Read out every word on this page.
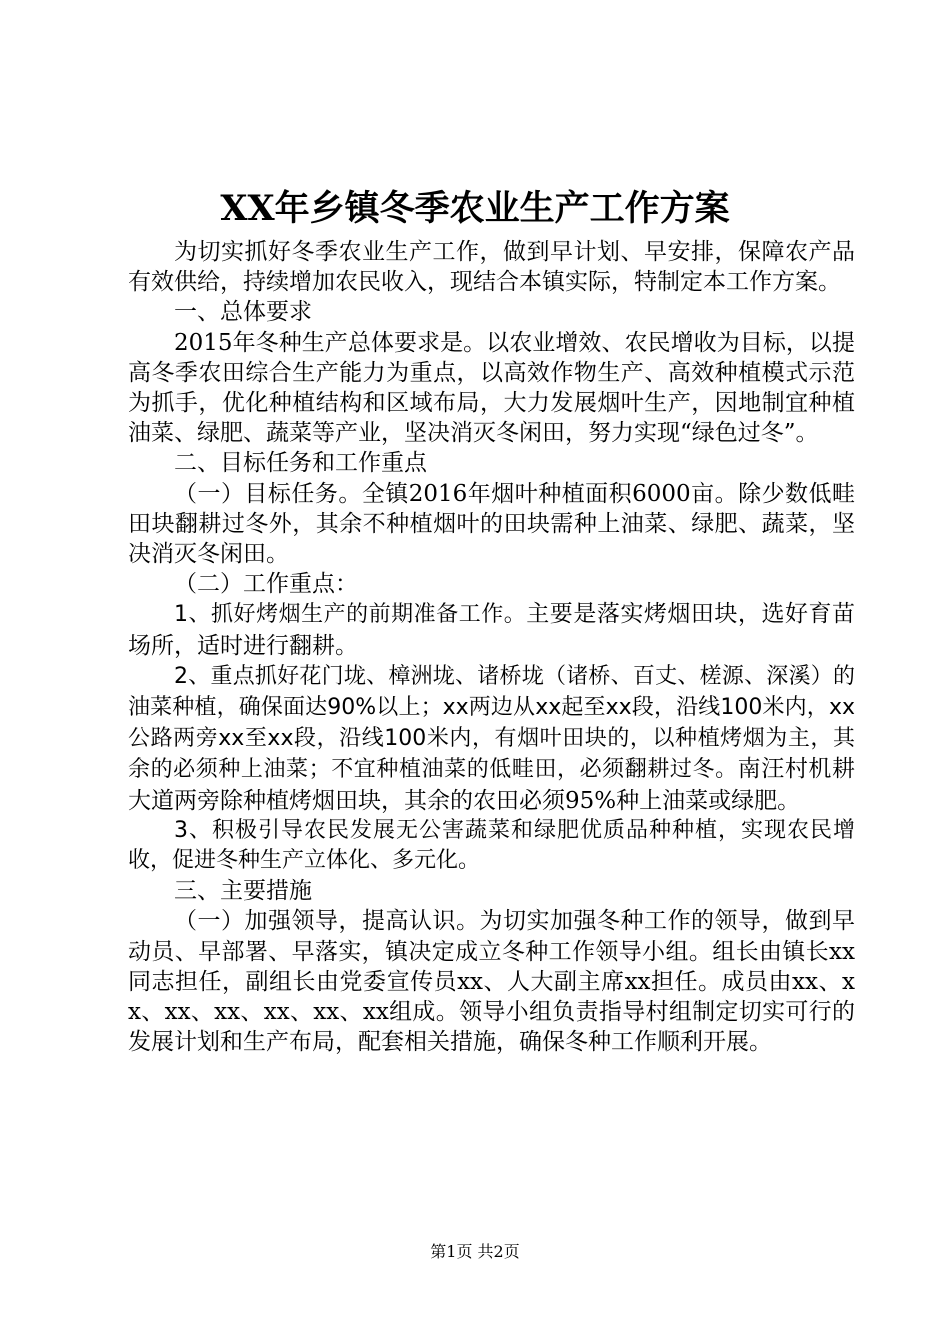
XX年乡镇冬季农业生产工作方案

为切实抓好冬季农业生产工作，做到早计划、早安排，保障农产品有效供给，持续增加农民收入，现结合本镇实际，特制定本工作方案。

一、总体要求

2015年冬种生产总体要求是。以农业增效、农民增收为目标，以提高冬季农田综合生产能力为重点，以高效作物生产、高效种植模式示范为抓手，优化种植结构和区域布局，大力发展烟叶生产，因地制宜种植油菜、绿肥、蔬菜等产业，坚决消灭冬闲田，努力实现“绿色过冬”。

二、目标任务和工作重点

（一）目标任务。全镇2016年烟叶种植面积6000亩。除少数低畦田块翻耕过冬外，其余不种植烟叶的田块需种上油菜、绿肥、蔬菜，坚决消灭冬闲田。

（二）工作重点：

1、抓好烤烟生产的前期准备工作。主要是落实烤烟田块，选好育苗场所，适时进行翻耕。

2、重点抓好花门垅、樟洲垅、诸桥垅（诸桥、百丈、槎源、深溪）的油菜种植，确保面达90%以上；xx两边从xx起至xx段，沿线100米内，xx公路两旁xx至xx段，沿线100米内，有烟叶田块的，以种植烤烟为主，其余的必须种上油菜；不宜种植油菜的低畦田，必须翻耕过冬。南汪村机耕大道两旁除种植烤烟田块，其余的农田必须95%种上油菜或绿肥。

3、积极引导农民发展无公害蔬菜和绿肥优质品种种植，实现农民增收，促进冬种生产立体化、多元化。

三、主要措施

（一）加强领导，提高认识。为切实加强冬种工作的领导，做到早动员、早部署、早落实，镇决定成立冬种工作领导小组。组长由镇长xx同志担任，副组长由党委宣传员xx、人大副主席xx担任。成员由xx、xx、xx、xx、xx、xx、xx组成。领导小组负责指导村组制定切实可行的发展计划和生产布局，配套相关措施，确保冬种工作顺利开展。

第1页 共2页
